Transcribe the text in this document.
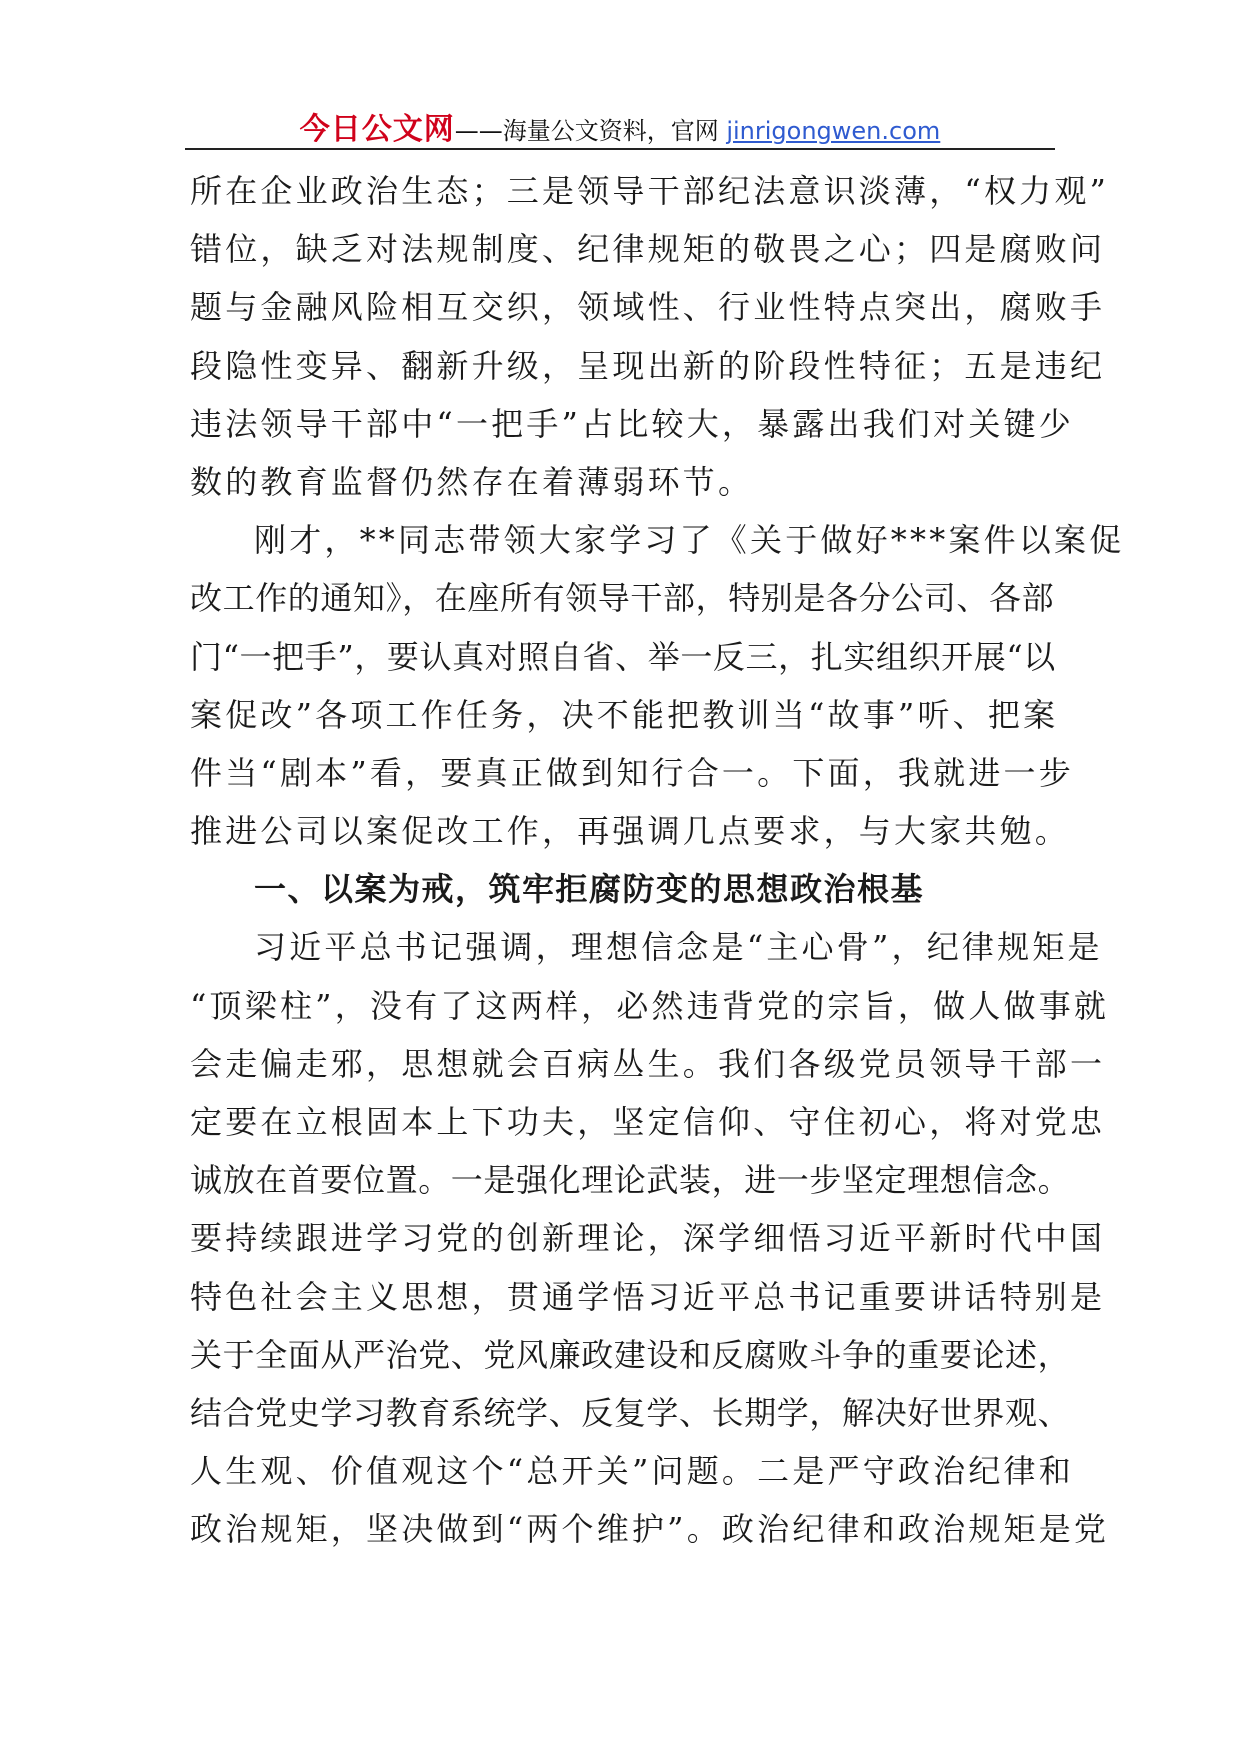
今日公文网——海量公文资料，官网 jinrigongwen.com
所在企业政治生态；三是领导干部纪法意识淡薄，“权力观”
错位，缺乏对法规制度、纪律规矩的敬畏之心；四是腐败问
题与金融风险相互交织，领域性、行业性特点突出，腐败手
段隐性变异、翻新升级，呈现出新的阶段性特征；五是违纪
违法领导干部中“一把手”占比较大，暴露出我们对关键少
数的教育监督仍然存在着薄弱环节。
刚才，**同志带领大家学习了《关于做好***案件以案促
改工作的通知》，在座所有领导干部，特别是各分公司、各部
门“一把手”，要认真对照自省、举一反三，扎实组织开展“以
案促改”各项工作任务，决不能把教训当“故事”听、把案
件当“剧本”看，要真正做到知行合一。下面，我就进一步
推进公司以案促改工作，再强调几点要求，与大家共勉。
一、以案为戒，筑牢拒腐防变的思想政治根基
习近平总书记强调，理想信念是“主心骨”，纪律规矩是
“顶梁柱”，没有了这两样，必然违背党的宗旨，做人做事就
会走偏走邪，思想就会百病丛生。我们各级党员领导干部一
定要在立根固本上下功夫，坚定信仰、守住初心，将对党忠
诚放在首要位置。一是强化理论武装，进一步坚定理想信念。
要持续跟进学习党的创新理论，深学细悟习近平新时代中国
特色社会主义思想，贯通学悟习近平总书记重要讲话特别是
关于全面从严治党、党风廉政建设和反腐败斗争的重要论述，
结合党史学习教育系统学、反复学、长期学，解决好世界观、
人生观、价值观这个“总开关”问题。二是严守政治纪律和
政治规矩，坚决做到“两个维护”。政治纪律和政治规矩是党
